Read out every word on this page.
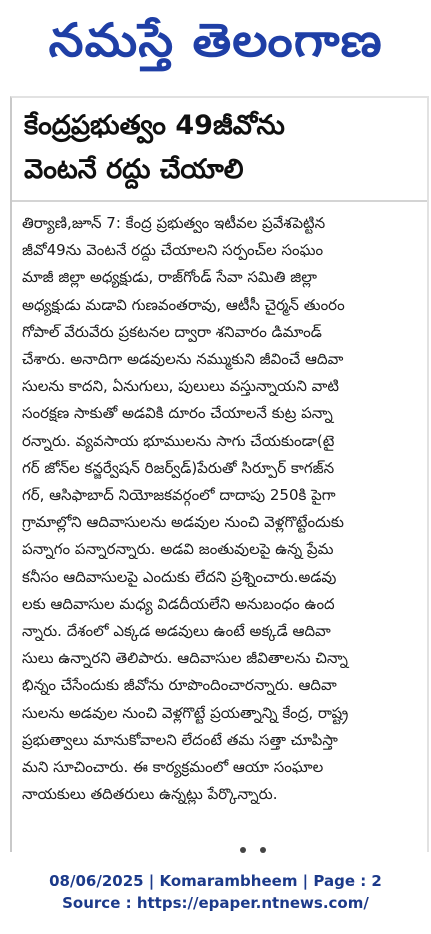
నమస్తే తెలంగాణ
కేంద్రప్రభుత్వం 49జీవోను
వెంటనే రద్దు చేయాలి
తిర్యాణి,జూన్ 7: కేంద్ర ప్రభుత్వం ఇటీవల ప్రవేశపెట్టిన
జీవో49ను వెంటనే రద్దు చేయాలని సర్పంచ్‌ల సంఘం
మాజీ జిల్లా అధ్యక్షుడు, రాజ్‌గోండ్ సేవా సమితి జిల్లా
అధ్యక్షుడు మడావి గుణవంతరావు, ఆటీసీ చైర్మన్ తుంరం
గోపాల్ వేరువేరు ప్రకటనల ద్వారా శనివారం డిమాండ్
చేశారు. అనాదిగా అడవులను నమ్ముకుని జీవించే ఆదివా
సులను కాదని, ఏనుగులు, పులులు వస్తున్నాయని వాటి
సంరక్షణ సాకుతో అడవికి దూరం చేయాలనే కుట్ర పన్నా
రన్నారు. వ్యవసాయ భూములను సాగు చేయకుండా(టై
గర్ జోన్‌ల కన్జర్వేషన్ రిజర్వ్‌డ్)పేరుతో సిర్పూర్ కాగజ్‌న
గర్, ఆసిఫాబాద్ నియోజకవర్గంలో దాదాపు 250కి పైగా
గ్రామాల్లోని ఆదివాసులను అడవుల నుంచి వెళ్లగొట్టేందుకు
పన్నాగం పన్నారన్నారు. అడవి జంతువులపై ఉన్న ప్రేమ
కనీసం ఆదివాసులపై ఎందుకు లేదని ప్రశ్నించారు.అడవు
లకు ఆదివాసుల మధ్య విడదీయలేని అనుబంధం ఉంద
న్నారు. దేశంలో ఎక్కడ అడవులు ఉంటే అక్కడే ఆదివా
సులు ఉన్నారని తెలిపారు. ఆదివాసుల జీవితాలను చిన్నా
భిన్నం చేసేందుకు జీవోను రూపొందించారన్నారు. ఆదివా
సులను అడవుల నుంచి వెళ్లగొట్టే ప్రయత్నాన్ని కేంద్ర, రాష్ట్ర
ప్రభుత్వాలు మానుకోవాలని లేదంటే తమ సత్తా చూపిస్తా
మని సూచించారు. ఈ కార్యక్రమంలో ఆయా సంఘాల
నాయకులు తదితరులు ఉన్నట్లు పేర్కొన్నారు.
08/06/2025 | Komarambheem | Page : 2
Source : https://epaper.ntnews.com/
